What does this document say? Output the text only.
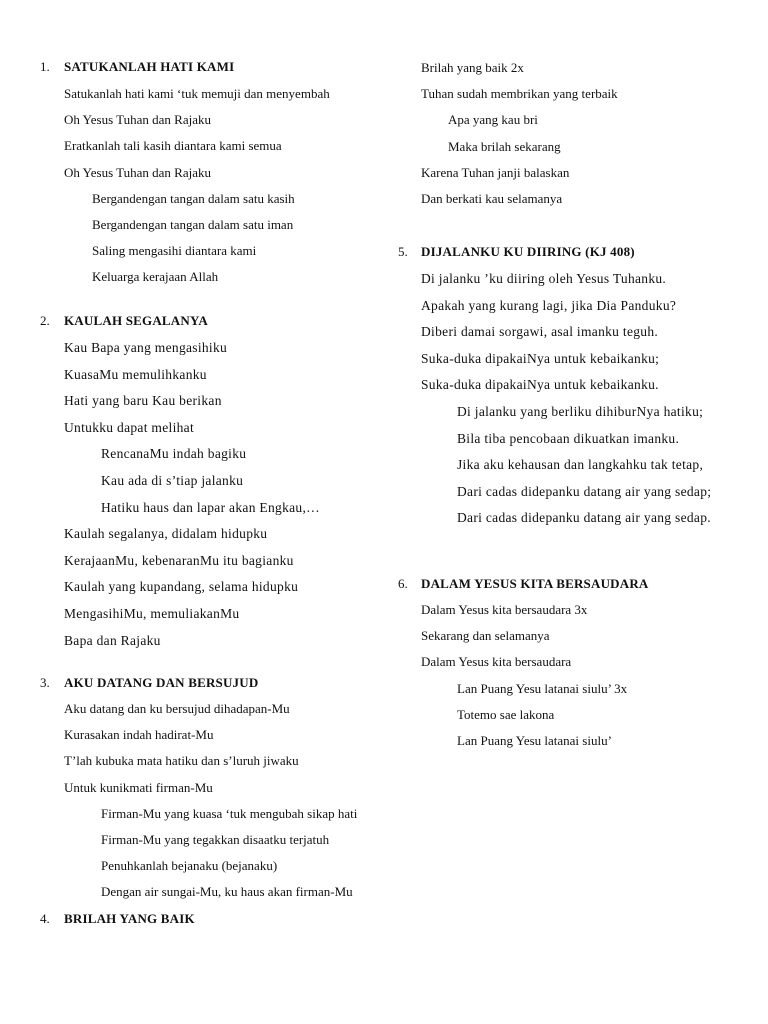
1. SATUKANLAH HATI KAMI
Satukanlah hati kami ‘tuk memuji dan menyembah
Oh Yesus Tuhan dan Rajaku
Eratkanlah tali kasih diantara kami semua
Oh Yesus Tuhan dan Rajaku
Bergandengan tangan dalam satu kasih
Bergandengan tangan dalam satu iman
Saling mengasihi diantara kami
Keluarga kerajaan Allah
2. KAULAH SEGALANYA
Kau Bapa yang mengasihiku
KuasaMu memulihkanku
Hati yang baru Kau berikan
Untukku dapat melihat
RencanaMu indah bagiku
Kau ada di s’tiap jalanku
Hatiku haus dan lapar akan Engkau,…
Kaulah segalanya, didalam hidupku
KerajaanMu, kebenaranMu itu bagianku
Kaulah yang kupandang, selama hidupku
MengasihiMu, memuliakanMu
Bapa dan Rajaku
3. AKU DATANG DAN BERSUJUD
Aku datang dan ku bersujud dihadapan-Mu
Kurasakan indah hadirat-Mu
T’lah kubuka mata hatiku dan s’luruh jiwaku
Untuk kunikmati firman-Mu
Firman-Mu yang kuasa ‘tuk mengubah sikap hati
Firman-Mu yang tegakkan disaatku terjatuh
Penuhkanlah bejanaku (bejanaku)
Dengan air sungai-Mu, ku haus akan firman-Mu
4. BRILAH YANG BAIK
Brilah yang baik 2x
Tuhan sudah membrikan yang terbaik
Apa yang kau bri
Maka brilah sekarang
Karena Tuhan janji balaskan
Dan berkati kau selamanya
5. DIJALANKU KU DIIRING (KJ 408)
Di jalanku ’ku diiring oleh Yesus Tuhanku.
Apakah yang kurang lagi, jika Dia Panduku?
Diberi damai sorgawi, asal imanku teguh.
Suka-duka dipakaiNya untuk kebaikanku;
Suka-duka dipakaiNya untuk kebaikanku.
Di jalanku yang berliku dihiburNya hatiku;
Bila tiba pencobaan dikuatkan imanku.
Jika aku kehausan dan langkahku tak tetap,
Dari cadas didepanku datang air yang sedap;
Dari cadas didepanku datang air yang sedap.
6. DALAM YESUS KITA BERSAUDARA
Dalam Yesus kita bersaudara 3x
Sekarang dan selamanya
Dalam Yesus kita bersaudara
Lan Puang Yesu latanai siulu’ 3x
Totemo sae lakona
Lan Puang Yesu latanai siulu’
